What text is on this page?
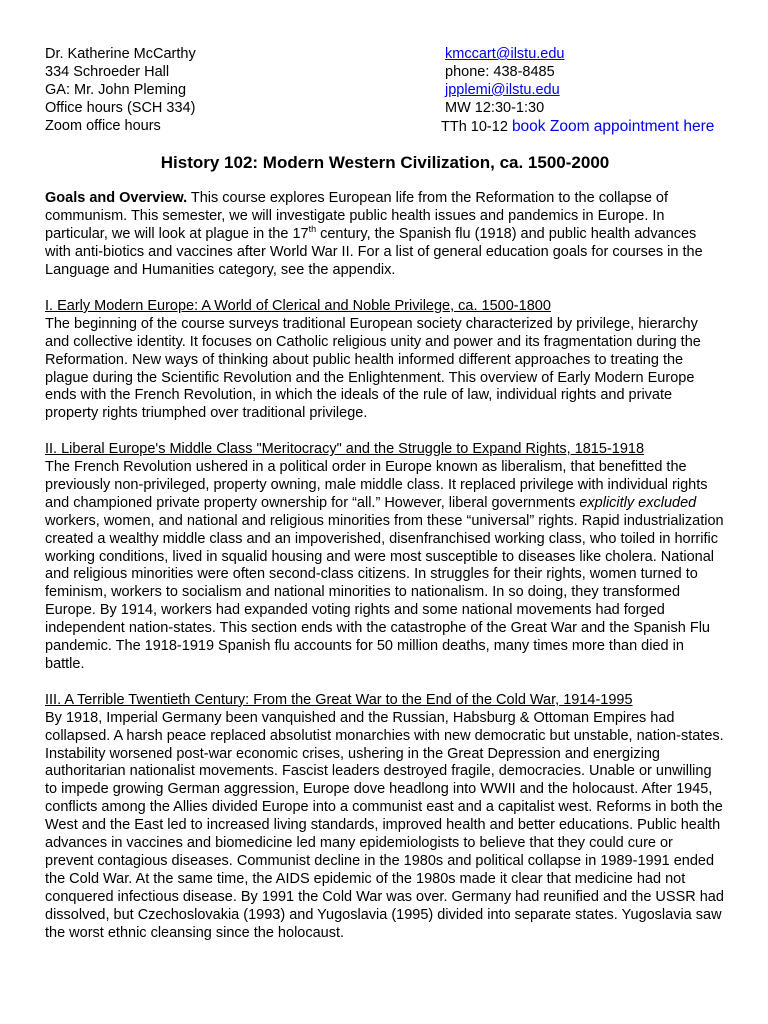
Dr. Katherine McCarthy	kmccart@ilstu.edu
334 Schroeder Hall	phone: 438-8485
GA: Mr. John Pleming	jpplemi@ilstu.edu
Office hours (SCH 334)	MW 12:30-1:30
Zoom office hours	TTh 10-12 book Zoom appointment here
History 102: Modern Western Civilization, ca. 1500-2000

Goals and Overview. This course explores European life from the Reformation to the collapse of communism. This semester, we will investigate public health issues and pandemics in Europe. In particular, we will look at plague in the 17th century, the Spanish flu (1918) and public health advances with anti-biotics and vaccines after World War II. For a list of general education goals for courses in the Language and Humanities category, see the appendix.

I. Early Modern Europe: A World of Clerical and Noble Privilege, ca. 1500-1800

The beginning of the course surveys traditional European society characterized by privilege, hierarchy and collective identity. It focuses on Catholic religious unity and power and its fragmentation during the Reformation. New ways of thinking about public health informed different approaches to treating the plague during the Scientific Revolution and the Enlightenment. This overview of Early Modern Europe ends with the French Revolution, in which the ideals of the rule of law, individual rights and private property rights triumphed over traditional privilege.

II. Liberal Europe's Middle Class "Meritocracy" and the Struggle to Expand Rights, 1815-1918

The French Revolution ushered in a political order in Europe known as liberalism, that benefitted the previously non-privileged, property owning, male middle class. It replaced privilege with individual rights and championed private property ownership for “all.” However, liberal governments explicitly excluded workers, women, and national and religious minorities from these “universal” rights. Rapid industrialization created a wealthy middle class and an impoverished, disenfranchised working class, who toiled in horrific working conditions, lived in squalid housing and were most susceptible to diseases like cholera. National and religious minorities were often second-class citizens. In struggles for their rights, women turned to feminism, workers to socialism and national minorities to nationalism. In so doing, they transformed Europe. By 1914, workers had expanded voting rights and some national movements had forged independent nation-states. This section ends with the catastrophe of the Great War and the Spanish Flu pandemic. The 1918-1919 Spanish flu accounts for 50 million deaths, many times more than died in battle.

III. A Terrible Twentieth Century: From the Great War to the End of the Cold War, 1914-1995

By 1918, Imperial Germany been vanquished and the Russian, Habsburg & Ottoman Empires had collapsed. A harsh peace replaced absolutist monarchies with new democratic but unstable, nation-states. Instability worsened post-war economic crises, ushering in the Great Depression and energizing authoritarian nationalist movements. Fascist leaders destroyed fragile, democracies. Unable or unwilling to impede growing German aggression, Europe dove headlong into WWII and the holocaust. After 1945, conflicts among the Allies divided Europe into a communist east and a capitalist west. Reforms in both the West and the East led to increased living standards, improved health and better educations. Public health advances in vaccines and biomedicine led many epidemiologists to believe that they could cure or prevent contagious diseases. Communist decline in the 1980s and political collapse in 1989-1991 ended the Cold War. At the same time, the AIDS epidemic of the 1980s made it clear that medicine had not conquered infectious disease. By 1991 the Cold War was over. Germany had reunified and the USSR had dissolved, but Czechoslovakia (1993) and Yugoslavia (1995) divided into separate states. Yugoslavia saw the worst ethnic cleansing since the holocaust.
